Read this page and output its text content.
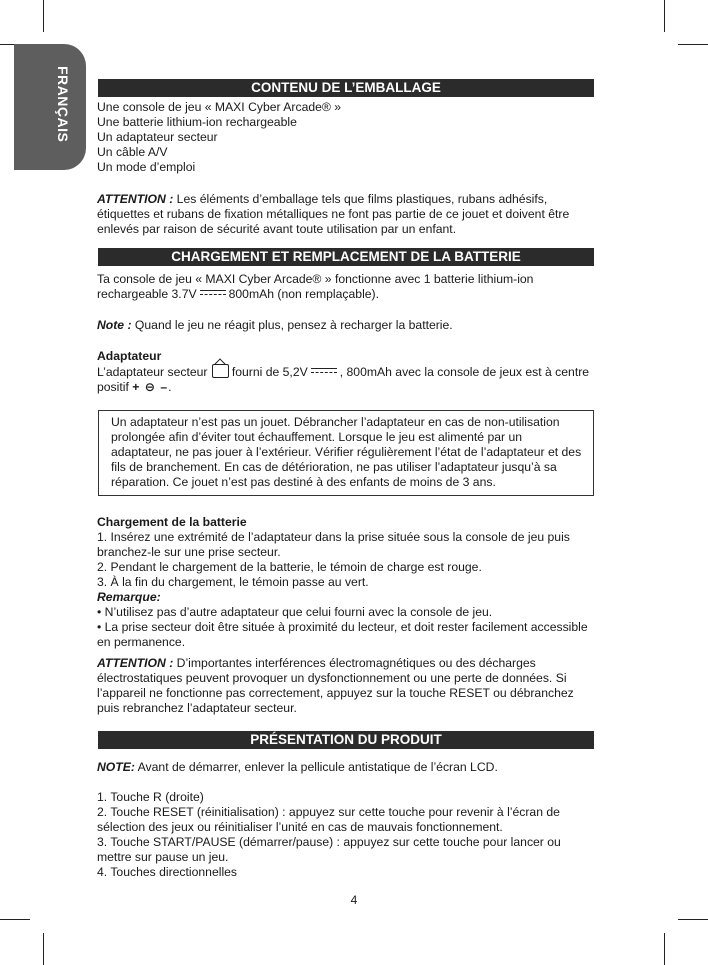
FRANÇAIS	CONTENU DE L’EMBALLAGE

Une console de jeu « MAXI Cyber Arcade® »

Une batterie lithium-ion rechargeable

Un adaptateur secteur

Un câble A/V

Un mode d’emploi

ATTENTION : Les éléments d’emballage tels que films plastiques, rubans adhésifs, étiquettes et rubans de fixation métalliques ne font pas partie de ce jouet et doivent être enlevés par raison de sécurité avant toute utilisation par un enfant.

CHARGEMENT ET REMPLACEMENT DE LA BATTERIE

Ta console de jeu « MAXI Cyber Arcade® » fonctionne avec 1 batterie lithium-ion rechargeable 3.7V	800mAh (non remplaçable).

Note : Quand le jeu ne réagit plus, pensez à recharger la batterie.

Adaptateur

L’adaptateur secteur fourni de 5,2V	, 800mAh avec la console de jeux est à centre positif + ⊖ –.

Un adaptateur n’est pas un jouet. Débrancher l’adaptateur en cas de non-utilisation prolongée afin d’éviter tout échauffement. Lorsque le jeu est alimenté par un adaptateur, ne pas jouer à l’extérieur. Vérifier régulièrement l’état de l’adaptateur et des fils de branchement. En cas de détérioration, ne pas utiliser l’adaptateur jusqu’à sa réparation. Ce jouet n’est pas destiné à des enfants de moins de 3 ans.

Chargement de la batterie

1. Insérez une extrémité de l’adaptateur dans la prise située sous la console de jeu puis branchez-le sur une prise secteur.

2. Pendant le chargement de la batterie, le témoin de charge est rouge.

3. À la fin du chargement, le témoin passe au vert.

Remarque:

• N’utilisez pas d’autre adaptateur que celui fourni avec la console de jeu.

• La prise secteur doit être située à proximité du lecteur, et doit rester facilement accessible en permanence.

ATTENTION : D’importantes interférences électromagnétiques ou des décharges électrostatiques peuvent provoquer un dysfonctionnement ou une perte de données. Si l’appareil ne fonctionne pas correctement, appuyez sur la touche RESET ou débranchez puis rebranchez l’adaptateur secteur.

PRÉSENTATION DU PRODUIT

NOTE: Avant de démarrer, enlever la pellicule antistatique de l’écran LCD.

1. Touche R (droite)

2. Touche RESET (réinitialisation) : appuyez sur cette touche pour revenir à l’écran de sélection des jeux ou réinitialiser l’unité en cas de mauvais fonctionnement.

3. Touche START/PAUSE (démarrer/pause) : appuyez sur cette touche pour lancer ou mettre sur pause un jeu.

4. Touches directionnelles

4
